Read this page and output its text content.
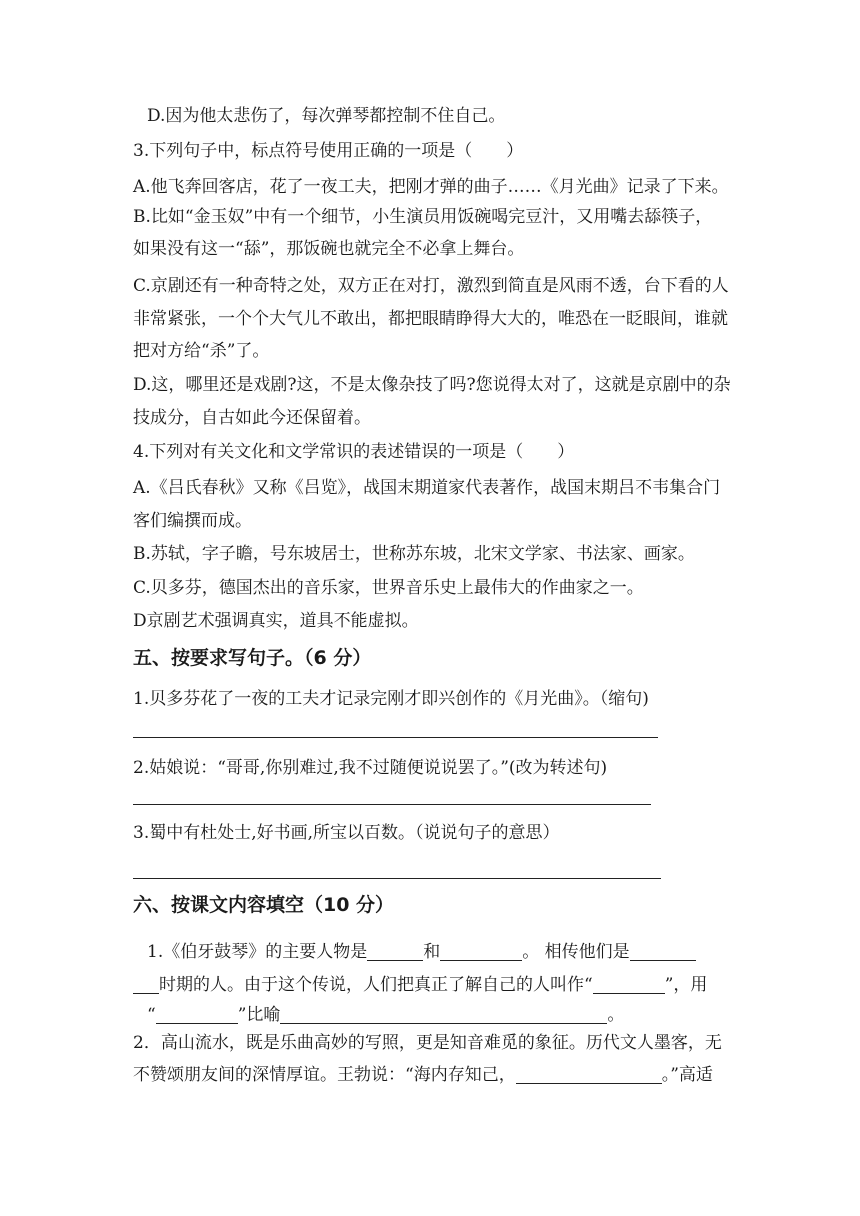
D.因为他太悲伤了，每次弹琴都控制不住自己。
3.下列句子中，标点符号使用正确的一项是（　　）
A.他飞奔回客店，花了一夜工夫，把刚才弹的曲子……《月光曲》记录了下来。
B.比如“金玉奴”中有一个细节，小生演员用饭碗喝完豆汁，又用嘴去舔筷子，
如果没有这一“舔”，那饭碗也就完全不必拿上舞台。
C.京剧还有一种奇特之处，双方正在对打，激烈到简直是风雨不透，台下看的人
非常紧张，一个个大气儿不敢出，都把眼睛睁得大大的，唯恐在一眨眼间，谁就
把对方给“杀”了。
D.这，哪里还是戏剧?这，不是太像杂技了吗?您说得太对了，这就是京剧中的杂
技成分，自古如此今还保留着。
4.下列对有关文化和文学常识的表述错误的一项是（　　）
A.《吕氏春秋》又称《吕览》，战国末期道家代表著作，战国末期吕不韦集合门
客们编撰而成。
B.苏轼，字子瞻，号东坡居士，世称苏东坡，北宋文学家、书法家、画家。
C.贝多芬，德国杰出的音乐家，世界音乐史上最伟大的作曲家之一。
D京剧艺术强调真实，道具不能虚拟。
五、按要求写句子。（6 分）
1.贝多芬花了一夜的工夫才记录完刚才即兴创作的《月光曲》。（缩句)
2.姑娘说：“哥哥,你别难过,我不过随便说说罢了。”(改为转述句)
3.蜀中有杜处士,好书画,所宝以百数。（说说句子的意思）
六、按课文内容填空（10 分）
1.《伯牙鼓琴》的主要人物是	和	。 相传他们是
时期的人。由于这个传说，人们把真正了解自己的人叫作“	”，用
“	”比喻	。
2．高山流水，既是乐曲高妙的写照，更是知音难觅的象征。历代文人墨客，无
不赞颂朋友间的深情厚谊。王勃说：“海内存知己，	。”高适
